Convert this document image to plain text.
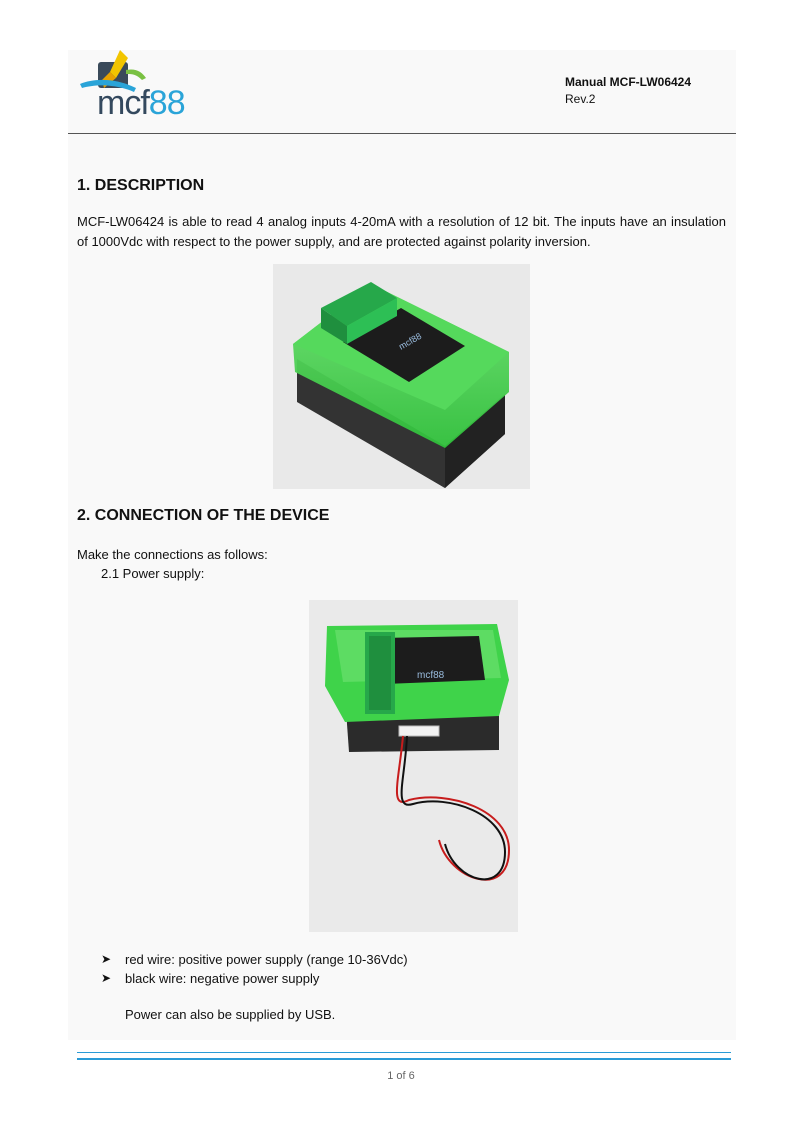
mcf88
Manual MCF-LW06424
Rev.2
1. DESCRIPTION

MCF-LW06424 is able to read 4 analog inputs 4-20mA with a resolution of 12 bit. The inputs have an insulation of 1000Vdc with respect to the power supply, and are protected against polarity inversion.

mcf88
2. CONNECTION OF THE DEVICE

Make the connections as follows:

2.1 Power supply:

mcf88
➤	red wire: positive power supply (range 10-36Vdc)
➤	black wire: negative power supply

Power can also be supplied by USB.

1 of 6
